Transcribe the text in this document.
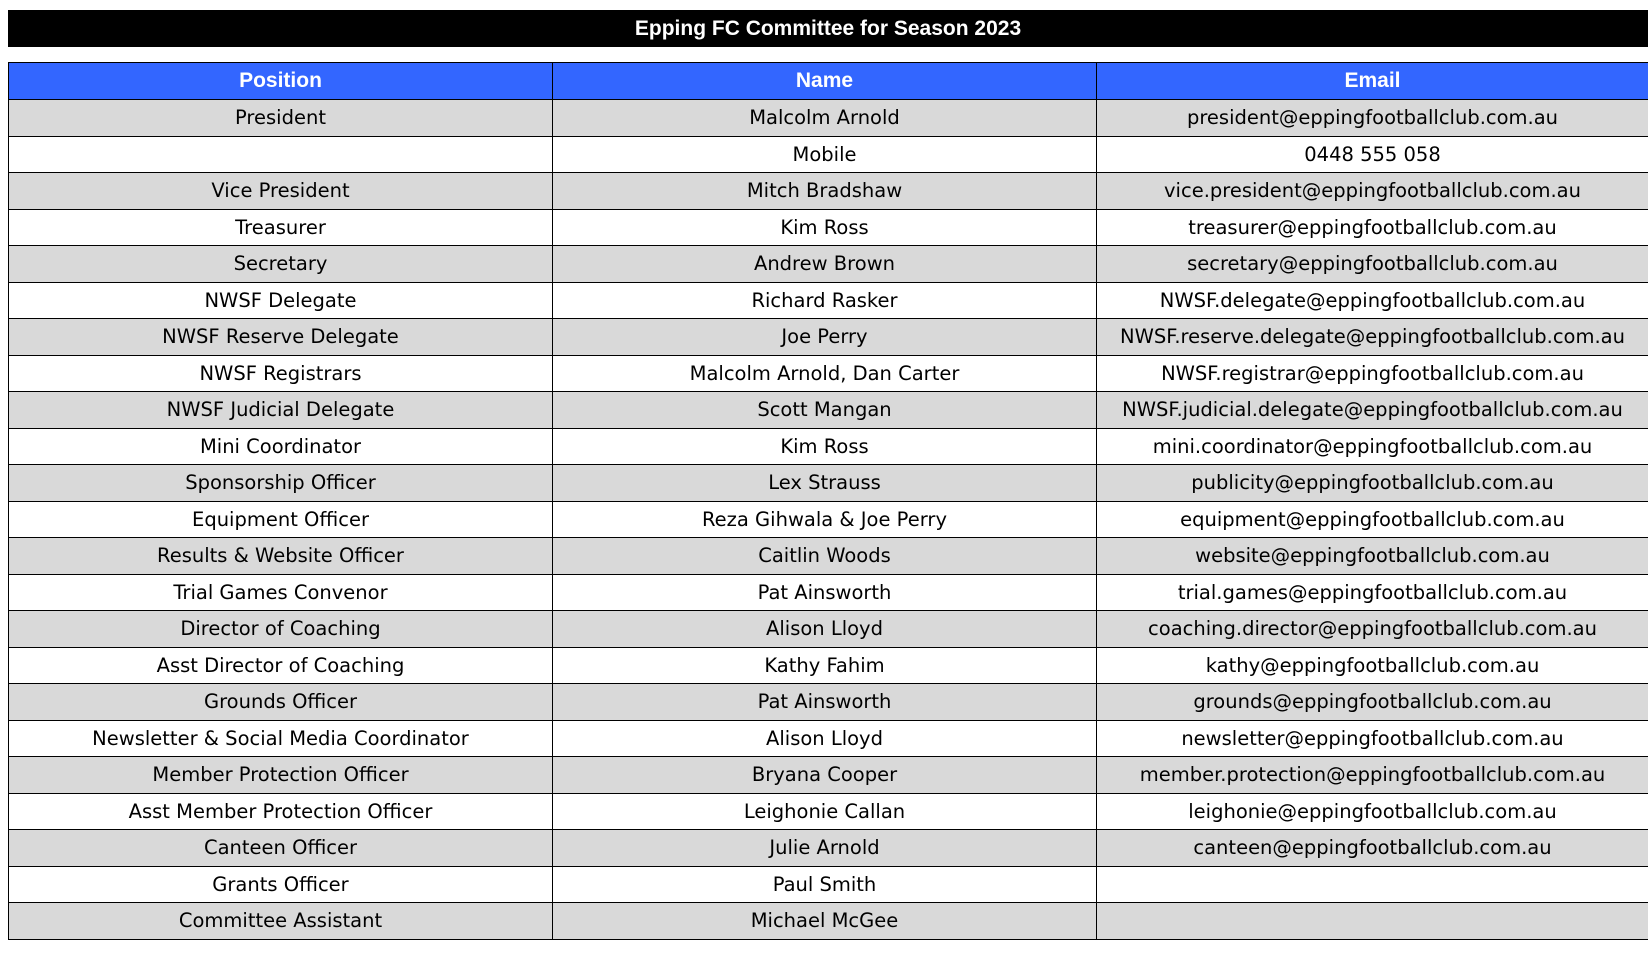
Epping FC Committee for Season 2023
Position	Name	Email
President	Malcolm Arnold	president@eppingfootballclub.com.au
	Mobile	0448 555 058
Vice President	Mitch Bradshaw	vice.president@eppingfootballclub.com.au
Treasurer	Kim Ross	treasurer@eppingfootballclub.com.au
Secretary	Andrew Brown	secretary@eppingfootballclub.com.au
NWSF Delegate	Richard Rasker	NWSF.delegate@eppingfootballclub.com.au
NWSF Reserve Delegate	Joe Perry	NWSF.reserve.delegate@eppingfootballclub.com.au
NWSF Registrars	Malcolm Arnold, Dan Carter	NWSF.registrar@eppingfootballclub.com.au
NWSF Judicial Delegate	Scott Mangan	NWSF.judicial.delegate@eppingfootballclub.com.au
Mini Coordinator	Kim Ross	mini.coordinator@eppingfootballclub.com.au
Sponsorship Officer	Lex Strauss	publicity@eppingfootballclub.com.au
Equipment Officer	Reza Gihwala & Joe Perry	equipment@eppingfootballclub.com.au
Results & Website Officer	Caitlin Woods	website@eppingfootballclub.com.au
Trial Games Convenor	Pat Ainsworth	trial.games@eppingfootballclub.com.au
Director of Coaching	Alison Lloyd	coaching.director@eppingfootballclub.com.au
Asst Director of Coaching	Kathy Fahim	kathy@eppingfootballclub.com.au
Grounds Officer	Pat Ainsworth	grounds@eppingfootballclub.com.au
Newsletter & Social Media Coordinator	Alison Lloyd	newsletter@eppingfootballclub.com.au
Member Protection Officer	Bryana Cooper	member.protection@eppingfootballclub.com.au
Asst Member Protection Officer	Leighonie Callan	leighonie@eppingfootballclub.com.au
Canteen Officer	Julie Arnold	canteen@eppingfootballclub.com.au
Grants Officer	Paul Smith	
Committee Assistant	Michael McGee	
